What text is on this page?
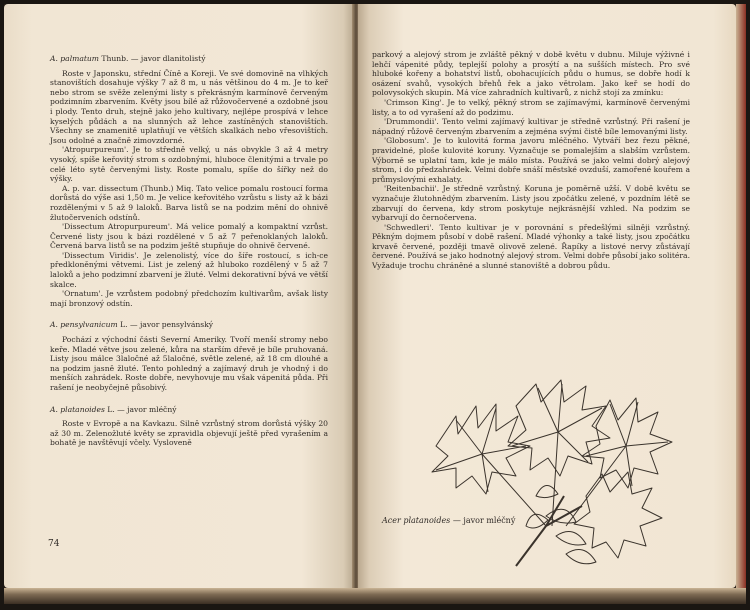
A. palmatum Thunb. — javor dlanitolistý

Roste v Japonsku, střední Číně a Koreji. Ve své domovině na vlhkých stanovištích dosahuje výšky 7 až 8 m, u nás většinou do 4 m. Je to keř nebo strom se svěže zelenými listy s překrásným karmínově červeným podzimním zbarvením. Květy jsou bílé až růžovočervené a ozdobné jsou i plody. Tento druh, stejně jako jeho kultivary, nejlépe prospívá v lehce kyselých půdách a na slunných až lehce zastíněných stanovištích. Všechny se znamenitě uplatňují ve větších skalkách nebo vřesovištích. Jsou odolné a značně zimovzdorné.

'Atropurpureum'. Je to středně velký, u nás obvykle 3 až 4 metry vysoký, spíše keřovitý strom s ozdobnými, hluboce členitými a trvale po celé léto sytě červenými listy. Roste pomalu, spíše do šířky než do výšky.

A. p. var. dissectum (Thunb.) Miq. Tato velice pomalu rostoucí forma dorůstá do výše asi 1,50 m. Je velice keřovitého vzrůstu s listy až k bázi rozdělenými v 5 až 9 laloků. Barva listů se na podzim mění do ohnivě žlutočerveních odstínů.

'Dissectum Atropurpureum'. Má velice pomalý a kompaktní vzrůst. Červené listy jsou k bázi rozdělené v 5 až 7 peřenoklaných laloků. Červená barva listů se na podzim ještě stupňuje do ohnivě červené.

'Dissectum Viridis'. Je zelenolistý, více do šíře rostoucí, s ich-ce předkloněnými větvemi. List je zelený až hluboko rozdělený v 5 až 7 laloků a jeho podzimní zbarvení je žluté. Velmi dekorativní bývá ve větší skalce.

'Ornatum'. Je vzrůstem podobný předchozím kultivarům, avšak listy mají bronzový odstín.

A. pensylvanicum L. — javor pensylvánský

Pochází z východní části Severní Ameriky. Tvoří menší stromy nebo keře. Mladé větve jsou zelené, kůra na starším dřevě je bíle pruhovaná. Listy jsou málce 3laločné až 5laločné, světle zelené, až 18 cm dlouhé a na podzim jasně žluté. Tento pohledný a zajímavý druh je vhodný i do menších zahrádek. Roste dobře, nevyhovuje mu však vápenitá půda. Při rašení je neobyčejně působivý.

A. platanoides L. — javor mléčný

Roste v Evropě a na Kavkazu. Silně vzrůstný strom dorůstá výšky 20 až 30 m. Zelenožluté květy se zpravidla objevují ještě před vyrašením a bohatě je navštěvují včely. Vysloveně

74

parkový a alejový strom je zvláště pěkný v době květu v dubnu. Miluje výživné i lehčí vápenité půdy, teplejší polohy a prosýtí a na sušších místech. Pro své hluboké kořeny a bohatství listů, obohacujících půdu o humus, se dobře hodí k osázení svahů, vysokých břehů řek a jako větrolam. Jako keř se hodí do polovysokých skupin. Má více zahradních kultivarů, z nichž stojí za zmínku:

'Crimson King'. Je to velký, pěkný strom se zajímavými, karmínově červenými listy, a to od vyrašení až do podzimu.

'Drummondii'. Tento velmi zajímavý kultivar je středně vzrůstný. Při rašení je nápadný růžově červeným zbarvením a zejména svými čistě bíle lemovanými listy.

'Globosum'. Je to kulovitá forma javoru mléčného. Vytváří bez řezu pěkné, pravidelné, ploše kulovité koruny. Vyznačuje se pomalejším a slabším vzrůstem. Výborně se uplatní tam, kde je málo místa. Používá se jako velmi dobrý alejový strom, i do předzahrádek. Velmi dobře snáší městské ovzduší, zamořené kouřem a průmyslovými exhalaty.

'Reitenbachii'. Je středně vzrůstný. Koruna je poměrně užší. V době květu se vyznačuje žlutohnědým zbarvením. Listy jsou zpočátku zelené, v pozdním létě se zbarvují do červena, kdy strom poskytuje nejkrásnější vzhled. Na podzim se vybarvují do černočervena.

'Schwedleri'. Tento kultivar je v porovnání s předešlými silněji vzrůstný. Pěkným dojmem působí v době rašení. Mladé výhonky a také listy, jsou zpočátku krvavě červené, později tmavě olivově zelené. Řapíky a listové nervy zůstávají červené. Používá se jako hodnotný alejový strom. Velmi dobře působí jako solitéra. Vyžaduje trochu chráněné a slunné stanoviště a dobrou půdu.

Acer platanoides — javor mléčný
